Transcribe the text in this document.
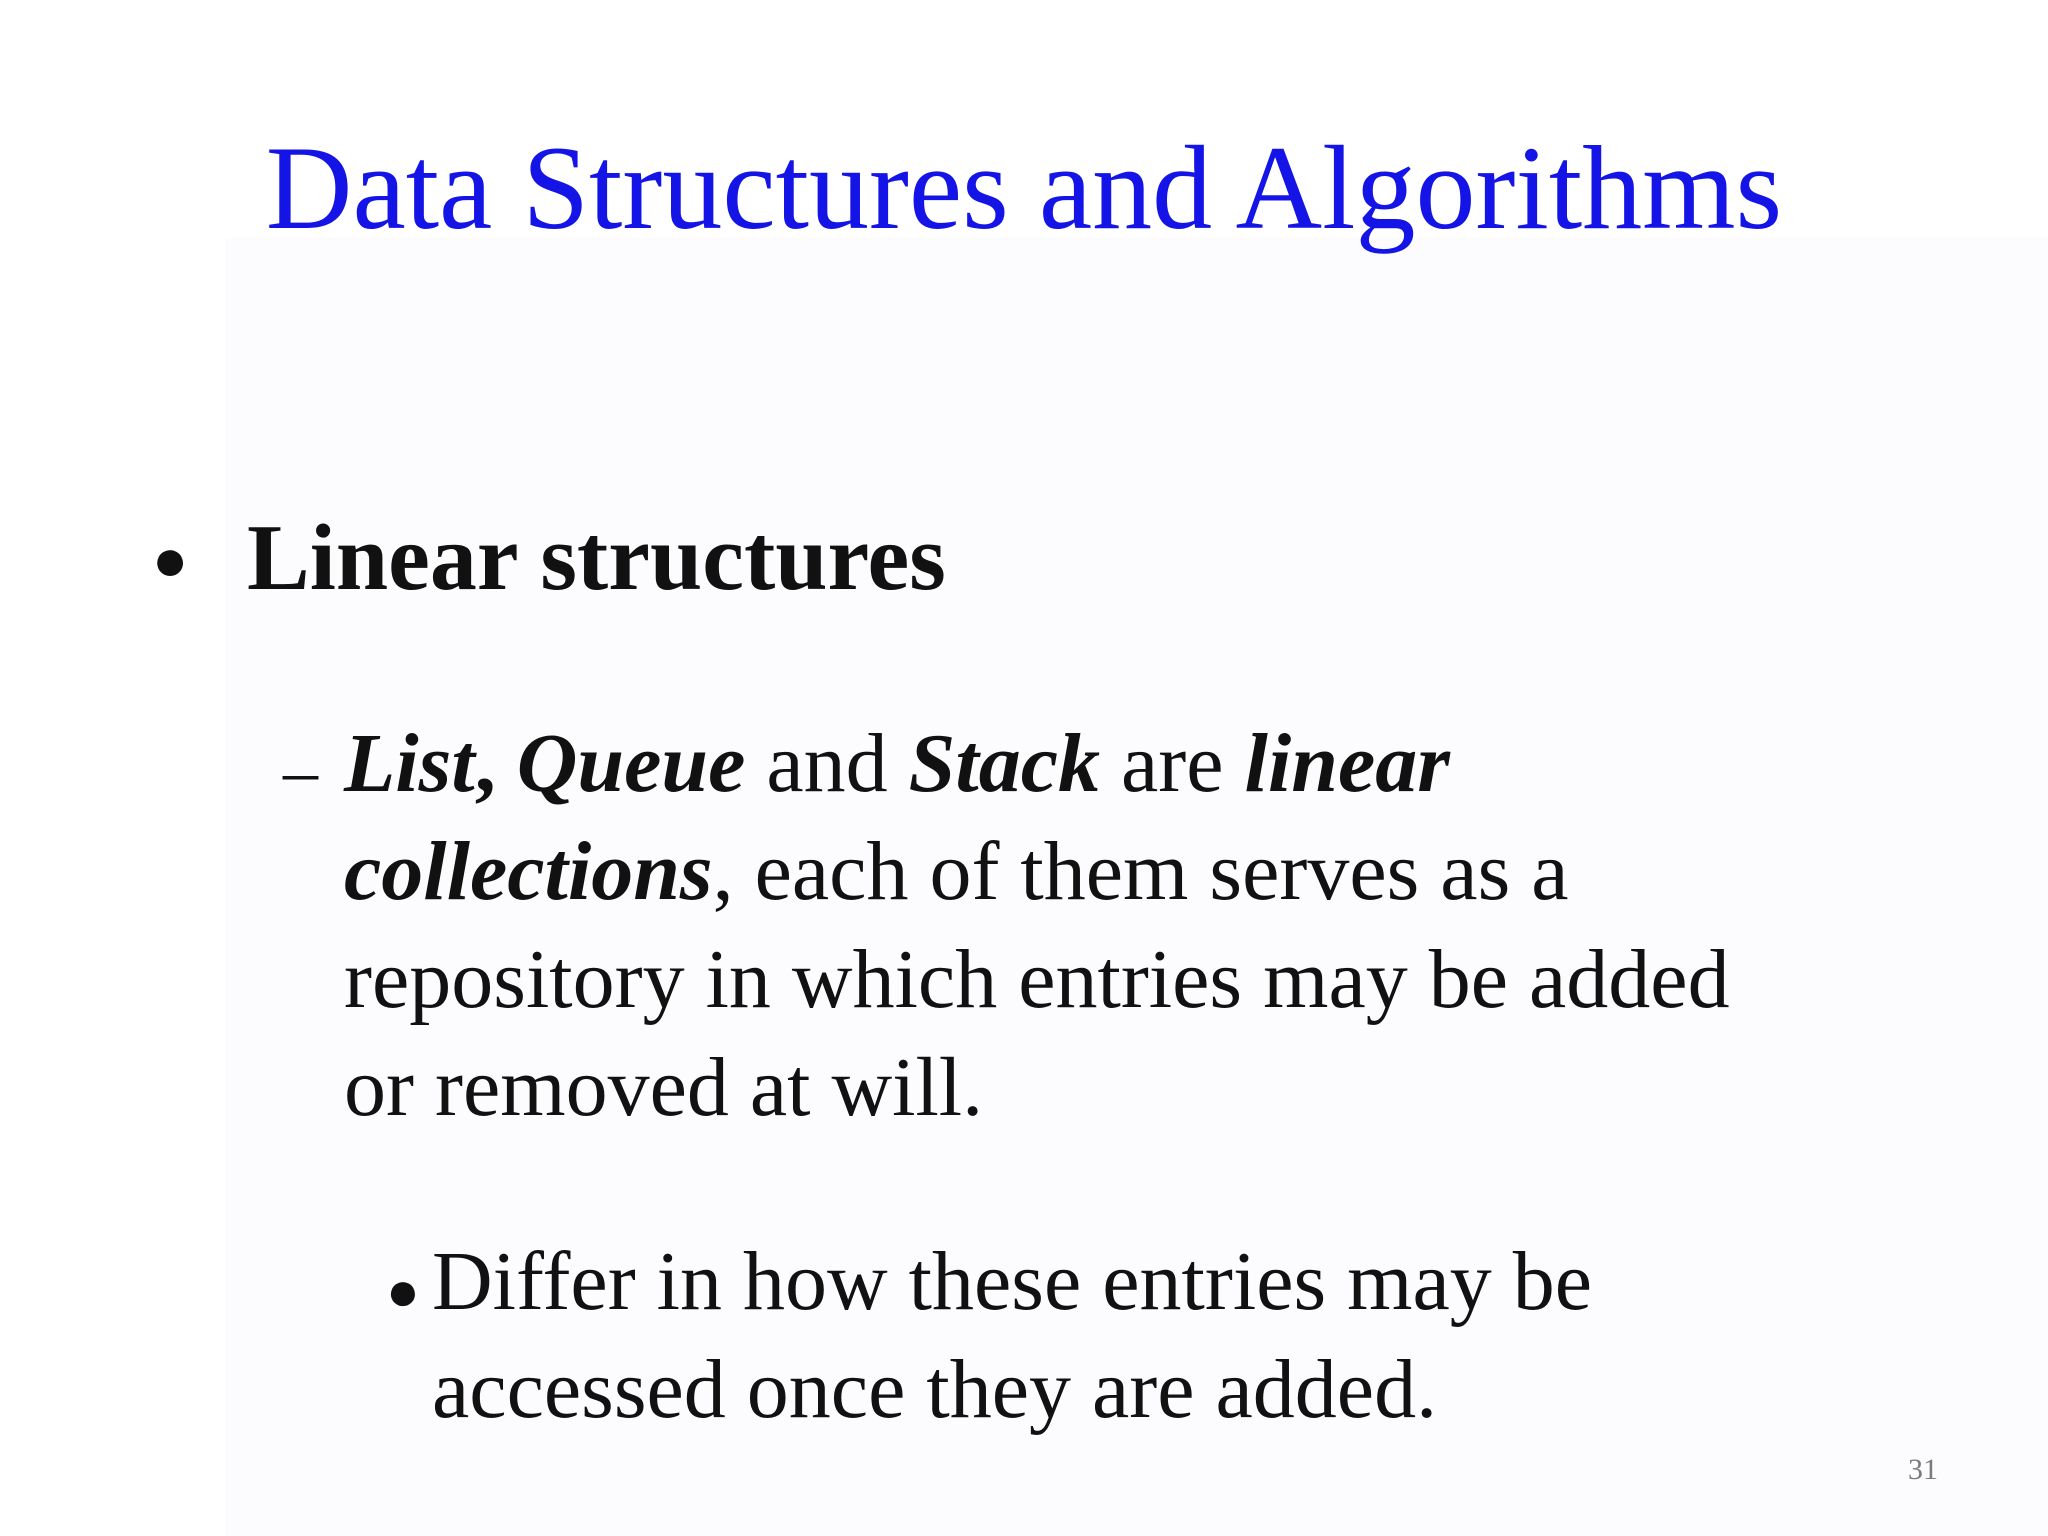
Data Structures and Algorithms
● Linear structures
– List, Queue and Stack are linear
collections, each of them serves as a
repository in which entries may be added
or removed at will.
● Differ in how these entries may be
accessed once they are added.
31
